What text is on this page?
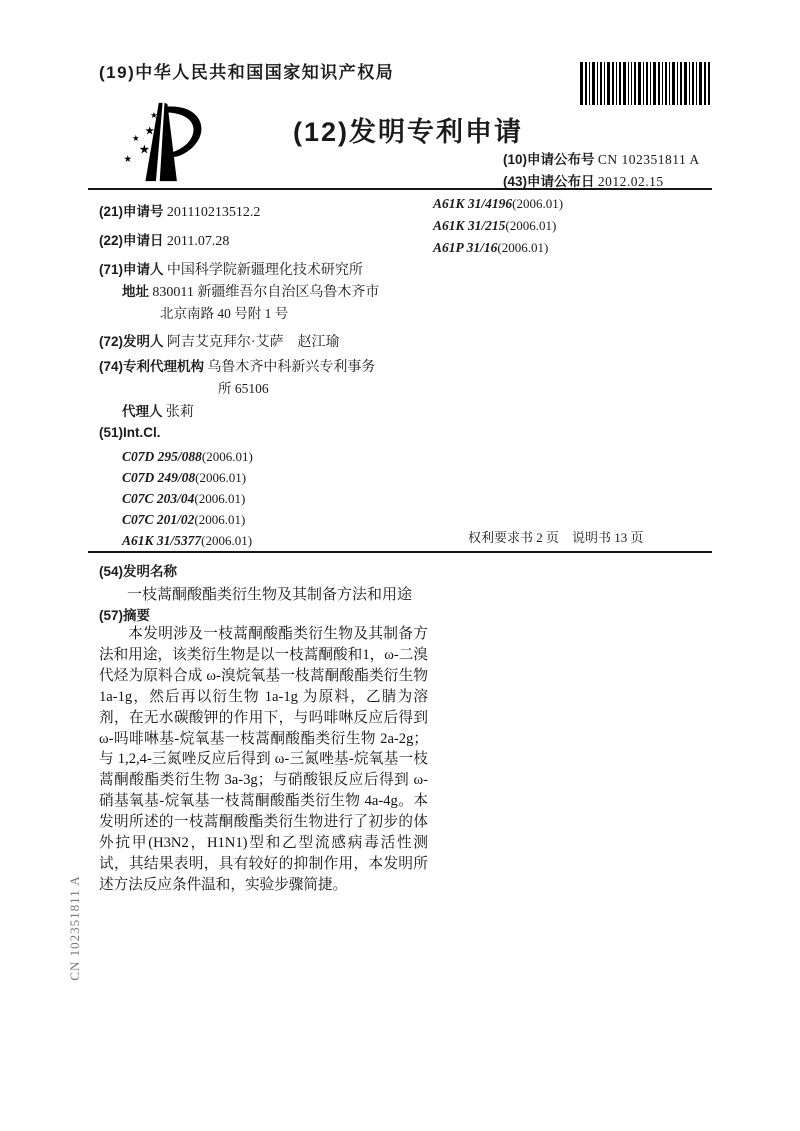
(19)中华人民共和国国家知识产权局
★
★
★
★
★
(12)发明专利申请
(10)申请公布号 CN 102351811 A
(43)申请公布日 2012.02.15
(21)申请号 201110213512.2
(22)申请日 2011.07.28
(71)申请人 中国科学院新疆理化技术研究所
地址 830011 新疆维吾尔自治区乌鲁木齐市
北京南路 40 号附 1 号
(72)发明人 阿吉艾克拜尔·艾萨　赵江瑜
(74)专利代理机构 乌鲁木齐中科新兴专利事务
所 65106
代理人 张莉
(51)Int.Cl.
C07D 295/088(2006.01)
C07D 249/08(2006.01)
C07C 203/04(2006.01)
C07C 201/02(2006.01)
A61K 31/5377(2006.01)
A61K 31/4196(2006.01)
A61K 31/215(2006.01)
A61P 31/16(2006.01)
权利要求书 2 页　说明书 13 页
(54)发明名称
一枝蒿酮酸酯类衍生物及其制备方法和用途
(57)摘要
本发明涉及一枝蒿酮酸酯类衍生物及其制备方法和用途，该类衍生物是以一枝蒿酮酸和1，ω-二溴代烃为原料合成 ω-溴烷氧基一枝蒿酮酸酯类衍生物 1a-1g，然后再以衍生物 1a-1g 为原料，乙腈为溶剂，在无水碳酸钾的作用下，与吗啡啉反应后得到 ω-吗啡啉基-烷氧基一枝蒿酮酸酯类衍生物 2a-2g；与 1,2,4-三氮唑反应后得到 ω-三氮唑基-烷氧基一枝蒿酮酸酯类衍生物 3a-3g；与硝酸银反应后得到 ω-硝基氧基-烷氧基一枝蒿酮酸酯类衍生物 4a-4g。本发明所述的一枝蒿酮酸酯类衍生物进行了初步的体外抗甲(H3N2，H1N1)型和乙型流感病毒活性测试，其结果表明，具有较好的抑制作用，本发明所述方法反应条件温和，实验步骤简捷。
CN 102351811 A
